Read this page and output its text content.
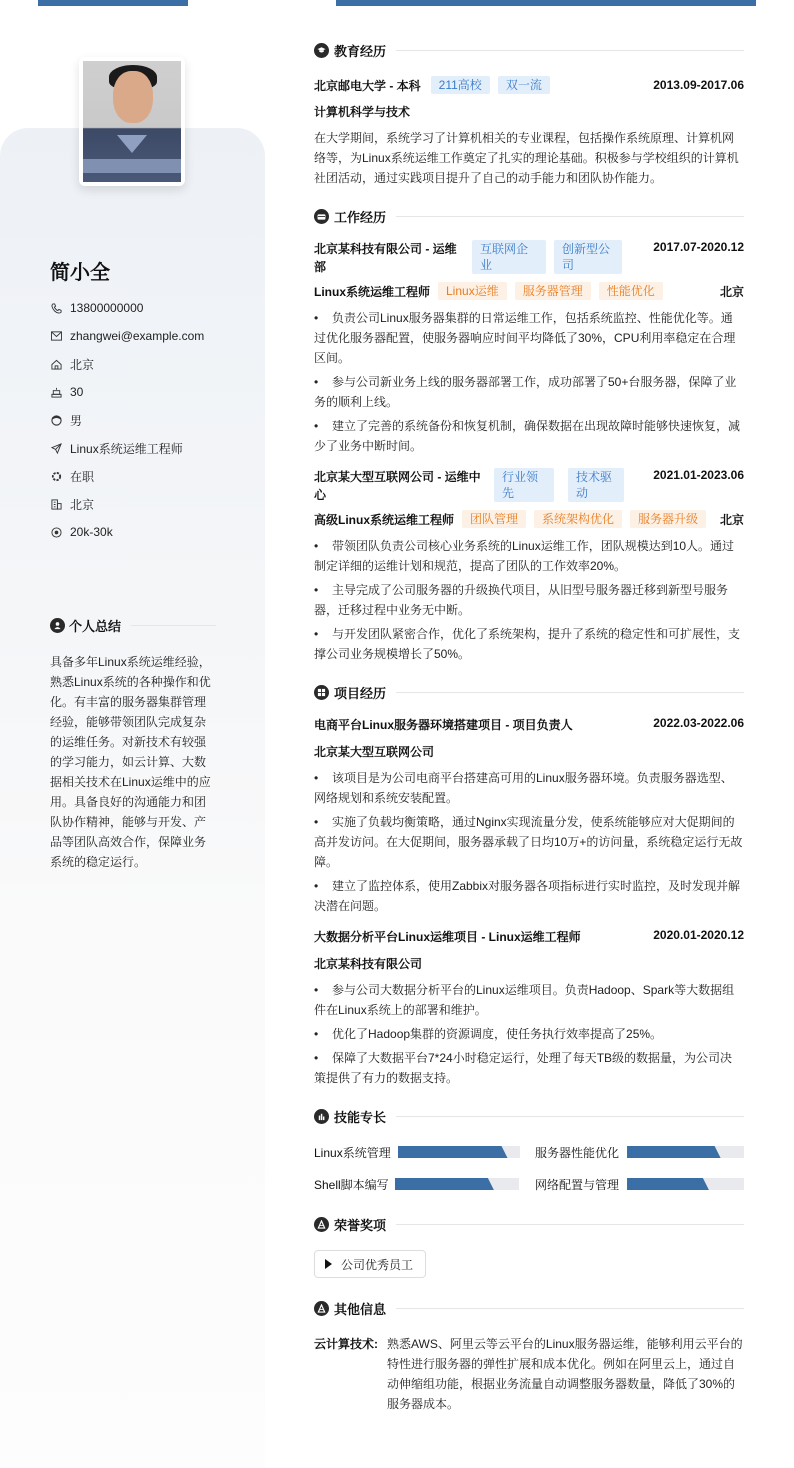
简小全
13800000000
zhangwei@example.com
北京
30
男
Linux系统运维工程师
在职
北京
20k-30k
个人总结
具备多年Linux系统运维经验，熟悉Linux系统的各种操作和优化。有丰富的服务器集群管理经验，能够带领团队完成复杂的运维任务。对新技术有较强的学习能力，如云计算、大数据相关技术在Linux运维中的应用。具备良好的沟通能力和团队协作精神，能够与开发、产品等团队高效合作，保障业务系统的稳定运行。
教育经历
北京邮电大学 - 本科	211高校	双一流	2013.09-2017.06
计算机科学与技术
在大学期间，系统学习了计算机相关的专业课程，包括操作系统原理、计算机网络等，为Linux系统运维工作奠定了扎实的理论基础。积极参与学校组织的计算机社团活动，通过实践项目提升了自己的动手能力和团队协作能力。
工作经历
北京某科技有限公司 - 运维部
互联网企业
创新型公司
2017.07-2020.12
Linux系统运维工程师	Linux运维	服务器管理	性能优化	北京
• 负责公司Linux服务器集群的日常运维工作，包括系统监控、性能优化等。通过优化服务器配置，使服务器响应时间平均降低了30%，CPU利用率稳定在合理区间。
• 参与公司新业务上线的服务器部署工作，成功部署了50+台服务器，保障了业务的顺利上线。
• 建立了完善的系统备份和恢复机制，确保数据在出现故障时能够快速恢复，减少了业务中断时间。
北京某大型互联网公司 - 运维中心
行业领先
技术驱动
2021.01-2023.06
高级Linux系统运维工程师	团队管理	系统架构优化	服务器升级	北京
• 带领团队负责公司核心业务系统的Linux运维工作，团队规模达到10人。通过制定详细的运维计划和规范，提高了团队的工作效率20%。
• 主导完成了公司服务器的升级换代项目，从旧型号服务器迁移到新型号服务器，迁移过程中业务无中断。
• 与开发团队紧密合作，优化了系统架构，提升了系统的稳定性和可扩展性，支撑公司业务规模增长了50%。
项目经历
电商平台Linux服务器环境搭建项目 - 项目负责人	2022.03-2022.06
北京某大型互联网公司
• 该项目是为公司电商平台搭建高可用的Linux服务器环境。负责服务器选型、网络规划和系统安装配置。
• 实施了负载均衡策略，通过Nginx实现流量分发，使系统能够应对大促期间的高并发访问。在大促期间，服务器承载了日均10万+的访问量，系统稳定运行无故障。
• 建立了监控体系，使用Zabbix对服务器各项指标进行实时监控，及时发现并解决潜在问题。
大数据分析平台Linux运维项目 - Linux运维工程师	2020.01-2020.12
北京某科技有限公司
• 参与公司大数据分析平台的Linux运维项目。负责Hadoop、Spark等大数据组件在Linux系统上的部署和维护。
• 优化了Hadoop集群的资源调度，使任务执行效率提高了25%。
• 保障了大数据平台7*24小时稳定运行，处理了每天TB级的数据量，为公司决策提供了有力的数据支持。
技能专长
Linux系统管理	服务器性能优化
Shell脚本编写	网络配置与管理
荣誉奖项
公司优秀员工
其他信息
云计算技术: 熟悉AWS、阿里云等云平台的Linux服务器运维，能够利用云平台的特性进行服务器的弹性扩展和成本优化。例如在阿里云上，通过自动伸缩组功能，根据业务流量自动调整服务器数量，降低了30%的服务器成本。
